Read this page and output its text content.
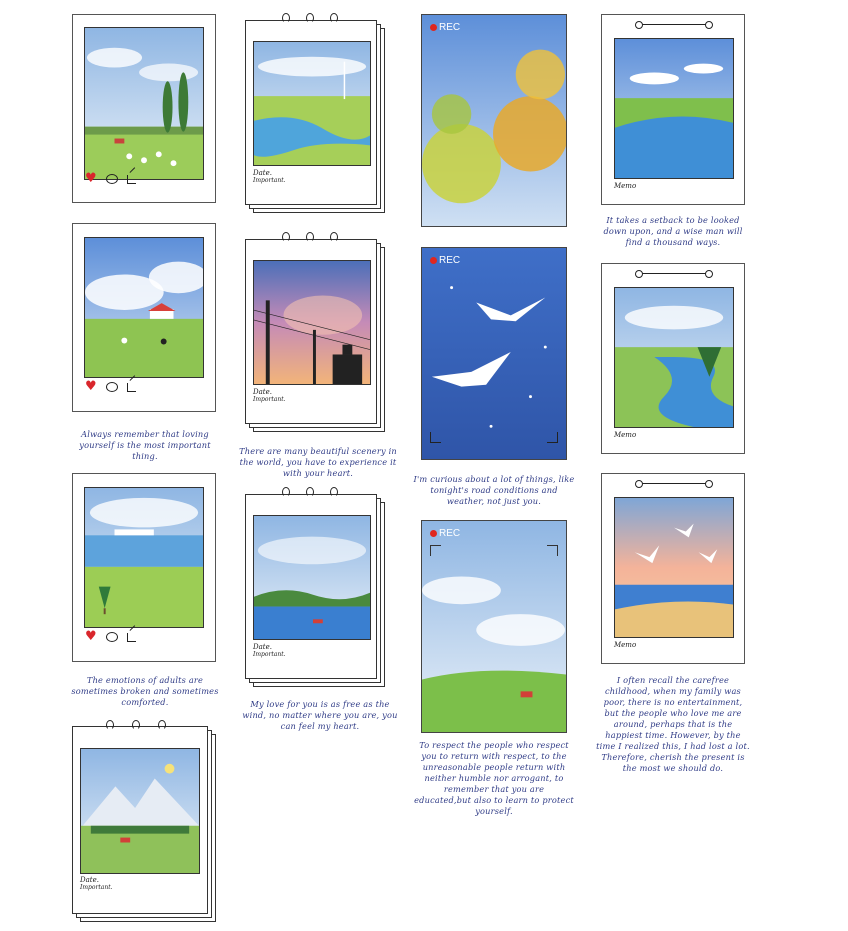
♥
♥
Always remember that loving yourself is the most important thing.
♥
The emotions of adults are sometimes broken and sometimes comforted.
Date.
Important.
Date.
Important.
Date.
Important.
There are many beautiful scenery in the world, you have to experience it with your heart.
Date.
Important.
My love for you is as free as the wind, no matter where you are, you can feel my heart.
REC
REC
I'm curious about a lot of things, like tonight's road conditions and weather, not just you.
REC
To respect the people who respect you to return with respect, to the unreasonable people return with neither humble nor arrogant, to remember that you are educated,but also to learn to protect yourself.
Memo
It takes a setback to be looked down upon, and a wise man will find a thousand ways.
Memo
Memo
I often recall the carefree childhood, when my family was poor, there is no entertainment, but the people who love me are around, perhaps that is the happiest time. However, by the time I realized this, I had lost a lot. Therefore, cherish the present is the most we should do.
